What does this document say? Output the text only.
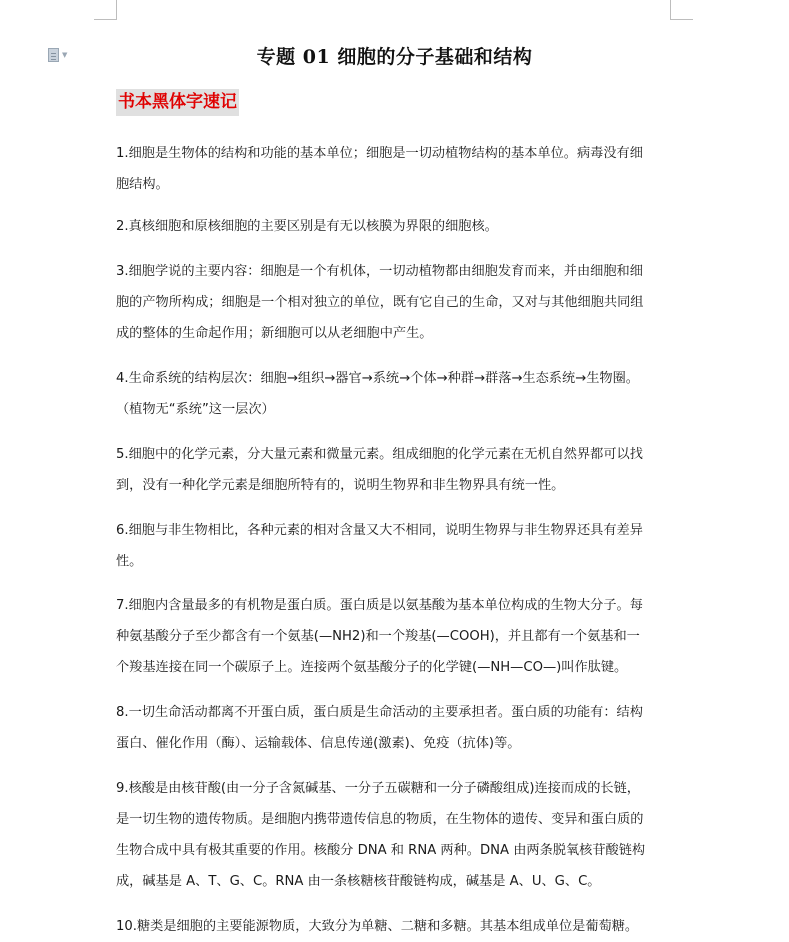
▼	专题 01 细胞的分子基础和结构
书本黑体字速记
1.细胞是生物体的结构和功能的基本单位；细胞是一切动植物结构的基本单位。病毒没有细
胞结构。
2.真核细胞和原核细胞的主要区别是有无以核膜为界限的细胞核。
3.细胞学说的主要内容：细胞是一个有机体，一切动植物都由细胞发育而来，并由细胞和细
胞的产物所构成；细胞是一个相对独立的单位，既有它自己的生命，又对与其他细胞共同组
成的整体的生命起作用；新细胞可以从老细胞中产生。
4.生命系统的结构层次：细胞→组织→器官→系统→个体→种群→群落→生态系统→生物圈。
（植物无“系统”这一层次）
5.细胞中的化学元素，分大量元素和微量元素。组成细胞的化学元素在无机自然界都可以找
到，没有一种化学元素是细胞所特有的，说明生物界和非生物界具有统一性。
6.细胞与非生物相比，各种元素的相对含量又大不相同，说明生物界与非生物界还具有差异
性。
7.细胞内含量最多的有机物是蛋白质。蛋白质是以氨基酸为基本单位构成的生物大分子。每
种氨基酸分子至少都含有一个氨基(—NH2)和一个羧基(—COOH)，并且都有一个氨基和一
个羧基连接在同一个碳原子上。连接两个氨基酸分子的化学键(—NH—CO—)叫作肽键。
8.一切生命活动都离不开蛋白质，蛋白质是生命活动的主要承担者。蛋白质的功能有：结构
蛋白、催化作用（酶）、运输载体、信息传递(激素)、免疫（抗体)等。
9.核酸是由核苷酸(由一分子含氮碱基、一分子五碳糖和一分子磷酸组成)连接而成的长链，
是一切生物的遗传物质。是细胞内携带遗传信息的物质，在生物体的遗传、变异和蛋白质的
生物合成中具有极其重要的作用。核酸分 DNA 和 RNA 两种。DNA 由两条脱氧核苷酸链构
成，碱基是 A、T、G、C。RNA 由一条核糖核苷酸链构成，碱基是 A、U、G、C。
10.糖类是细胞的主要能源物质，大致分为单糖、二糖和多糖。其基本组成单位是葡萄糖。
